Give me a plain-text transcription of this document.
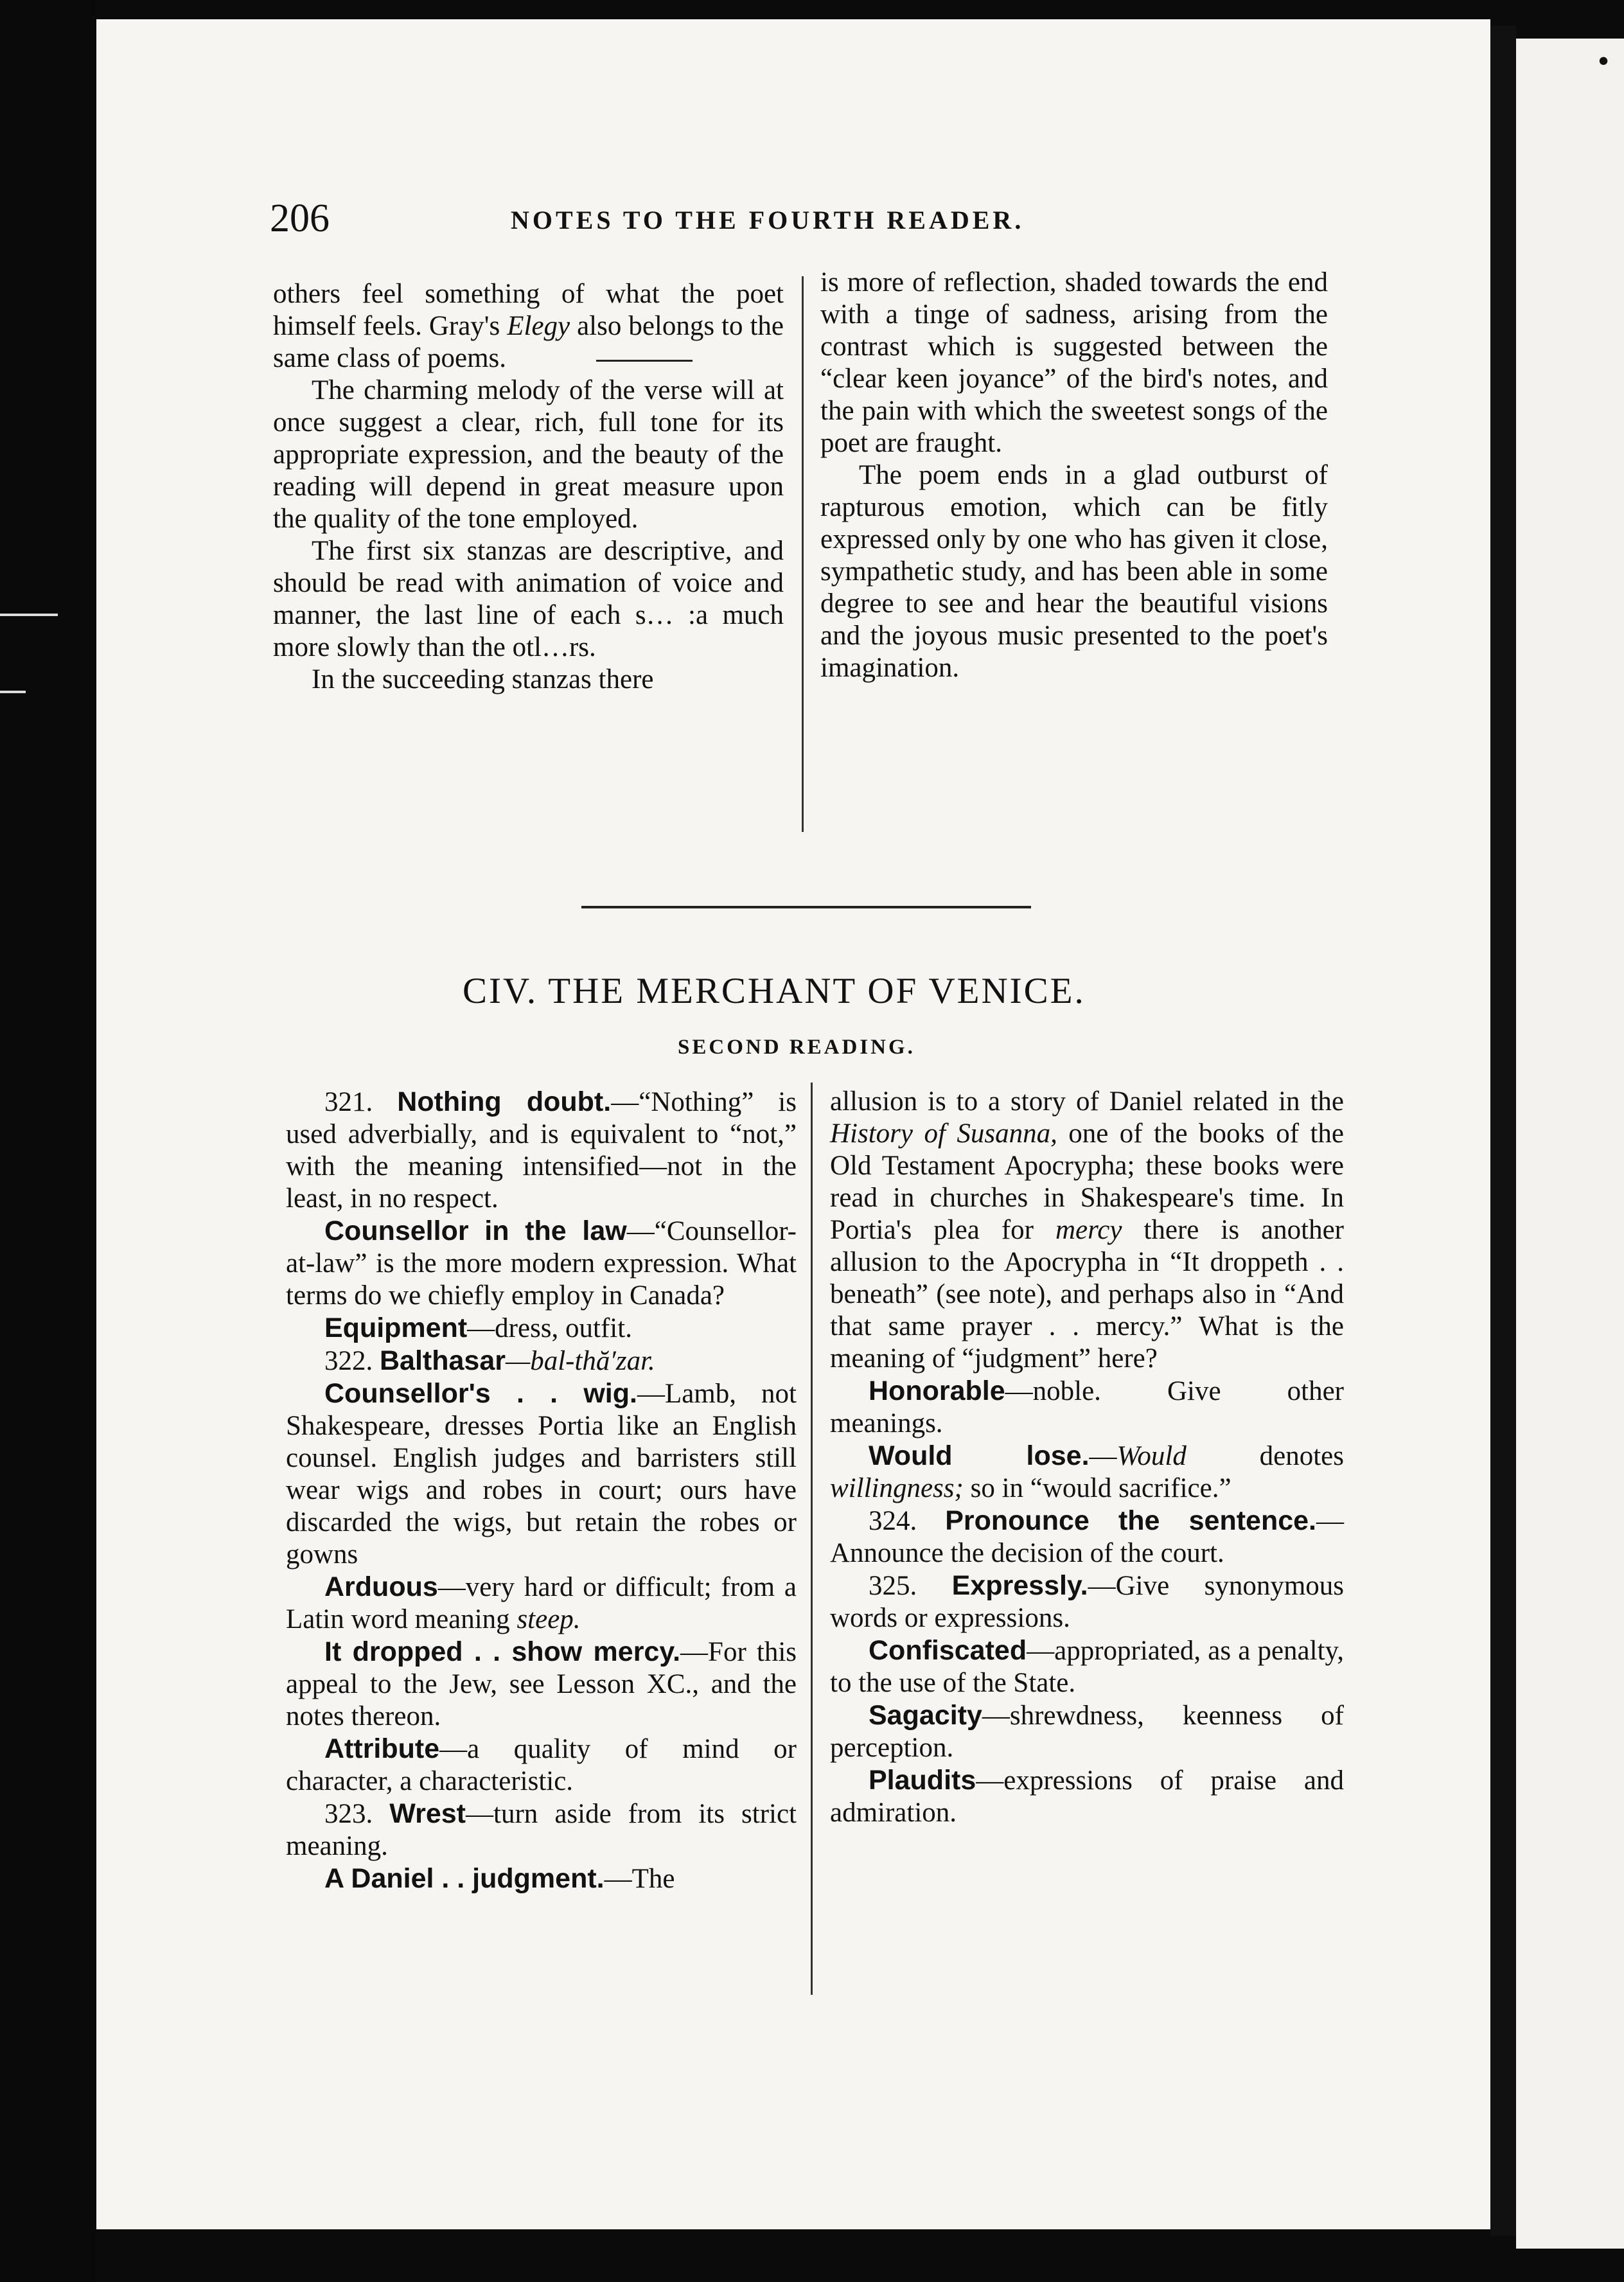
•
206	NOTES TO THE FOURTH READER.

others feel something of what the poet himself feels. Gray's Elegy also belongs to the same class of poems.

The charming melody of the verse will at once suggest a clear, rich, full tone for its appropriate expression, and the beauty of the reading will depend in great measure upon the quality of the tone employed.

The first six stanzas are descriptive, and should be read with animation of voice and manner, the last line of each s… :a much more slowly than the otl…rs.

In the succeeding stanzas there

is more of reflection, shaded towards the end with a tinge of sadness, arising from the contrast which is suggested between the “clear keen joyance” of the bird's notes, and the pain with which the sweetest songs of the poet are fraught.

The poem ends in a glad outburst of rapturous emotion, which can be fitly expressed only by one who has given it close, sympathetic study, and has been able in some degree to see and hear the beautiful visions and the joyous music presented to the poet's imagination.

CIV. THE MERCHANT OF VENICE.
SECOND READING.

321. Nothing doubt.—“Nothing” is used adverbially, and is equivalent to “not,” with the meaning intensified—not in the least, in no respect.

Counsellor in the law—“Counsellor-at-law” is the more modern expression. What terms do we chiefly employ in Canada?

Equipment—dress, outfit.

322. Balthasar—bal-thă′zar.

Counsellor's . . wig.—Lamb, not Shakespeare, dresses Portia like an English counsel. English judges and barristers still wear wigs and robes in court; ours have discarded the wigs, but retain the robes or gowns

Arduous—very hard or difficult; from a Latin word meaning steep.

It dropped . . show mercy.—For this appeal to the Jew, see Lesson XC., and the notes thereon.

Attribute—a quality of mind or character, a characteristic.

323. Wrest—turn aside from its strict meaning.

A Daniel . . judgment.—The

allusion is to a story of Daniel related in the History of Susanna, one of the books of the Old Testament Apocrypha; these books were read in churches in Shakespeare's time. In Portia's plea for mercy there is another allusion to the Apocrypha in “It droppeth . . beneath” (see note), and perhaps also in “And that same prayer . . mercy.” What is the meaning of “judgment” here?

Honorable—noble. Give other meanings.

Would lose.—Would denotes willingness; so in “would sacrifice.”

324. Pronounce the sentence.—Announce the decision of the court.

325. Expressly.—Give synonymous words or expressions.

Confiscated—appropriated, as a penalty, to the use of the State.

Sagacity—shrewdness, keenness of perception.

Plaudits—expressions of praise and admiration.
